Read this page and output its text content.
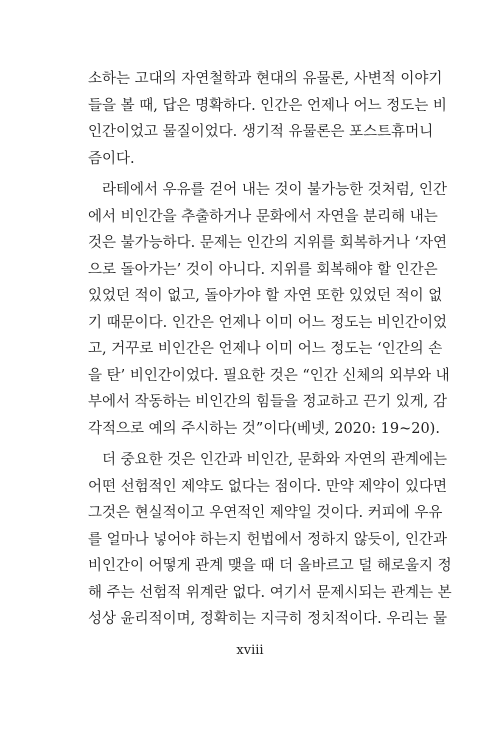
소하는 고대의 자연철학과 현대의 유물론, 사변적 이야기
들을 볼 때, 답은 명확하다. 인간은 언제나 어느 정도는 비
인간이었고 물질이었다. 생기적 유물론은 포스트휴머니
즘이다.
라테에서 우유를 걷어 내는 것이 불가능한 것처럼, 인간
에서 비인간을 추출하거나 문화에서 자연을 분리해 내는
것은 불가능하다. 문제는 인간의 지위를 회복하거나 ‘자연
으로 돌아가는’ 것이 아니다. 지위를 회복해야 할 인간은
있었던 적이 없고, 돌아가야 할 자연 또한 있었던 적이 없
기 때문이다. 인간은 언제나 이미 어느 정도는 비인간이었
고, 거꾸로 비인간은 언제나 이미 어느 정도는 ‘인간의 손
을 탄’ 비인간이었다. 필요한 것은 “인간 신체의 외부와 내
부에서 작동하는 비인간의 힘들을 정교하고 끈기 있게, 감
각적으로 예의 주시하는 것”이다(베넷, 2020: 19~20).
더 중요한 것은 인간과 비인간, 문화와 자연의 관계에는
어떤 선험적인 제약도 없다는 점이다. 만약 제약이 있다면
그것은 현실적이고 우연적인 제약일 것이다. 커피에 우유
를 얼마나 넣어야 하는지 헌법에서 정하지 않듯이, 인간과
비인간이 어떻게 관계 맺을 때 더 올바르고 덜 해로울지 정
해 주는 선험적 위계란 없다. 여기서 문제시되는 관계는 본
성상 윤리적이며, 정확히는 지극히 정치적이다. 우리는 물
xviii
